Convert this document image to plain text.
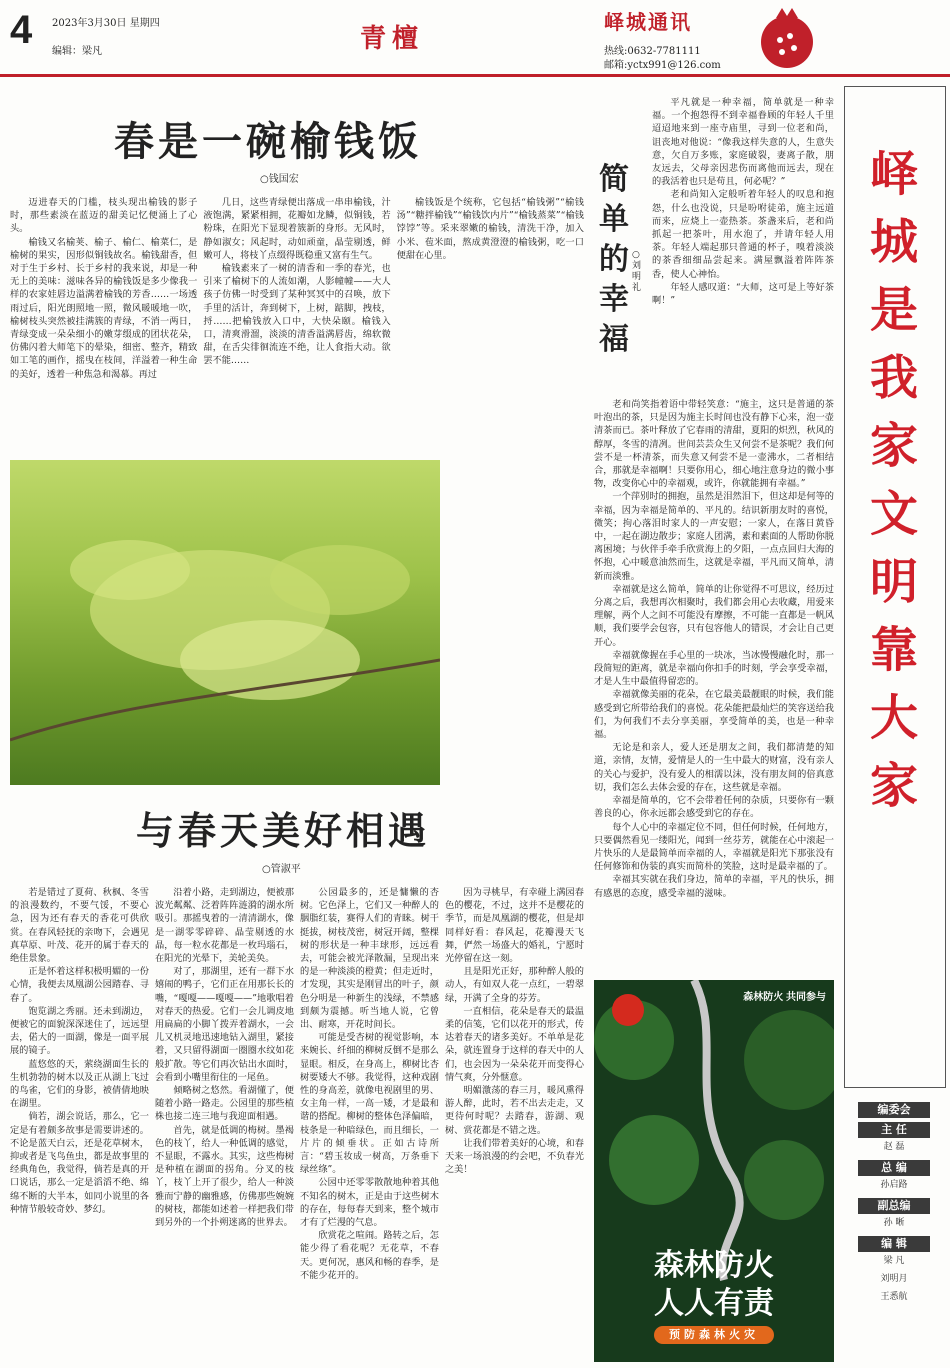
4 2023年3月30日 星期四
编辑：梁凡	青檀
峄城通讯
热线:0632-7781111
邮箱:yctx991@126.com
春是一碗榆钱饭
○钱国宏

迈进春天的门槛，枝头现出榆钱的影子时，那些素淡在蓝迈的甜美记忆便涌上了心头。

榆钱又名榆荚、榆子、榆仁、榆菜仁，是榆树的果实，因形似铜钱故名。榆钱甜香，但对于生于乡村、长于乡村的我来说，却是一种无上的美味：滋味各异的榆钱饭是多少像我一样的农家娃唇边溢满着榆钱的芳香……一场透雨过后，阳光朗照地一照，微风暖暖地一吹，榆树枝头突然被挂满簇的青绿，不消一两日，青绿变成一朵朵细小的嫩芽缀成的团状花朵，仿佛闪着大师笔下的晕染，细密、整齐，精致如工笔的画作，摇曳在枝间，洋溢着一种生命的美好，透着一种焦急和渴慕。再过

几日，这些青绿便出落成一串串榆钱，汁液饱满，紧紧相拥，花瓣如龙鳞，似铜钱，若粉珠，在阳光下显现着簇新的身形。无风时，静如淑女；风起时，动如顽童，晶莹剔透，鲜嫩可人，将枝丫点缀得既稳重又富有生气。

榆钱素来了一树的清香和一季的春光，也引来了榆树下的人流如潮，人影幢幢——大人孩子仿佛一时受到了某种冥冥中的召唤，放下手里的活计，奔到树下，上树，踮脚，拽枝，捋……把榆钱放入口中，大快朵颐。榆钱入口，清爽滑溜，淡淡的清香溢满唇齿，绵软微甜，在舌尖徘徊流连不绝，让人食指大动。欲罢不能……

榆钱饭是个统称，它包括“榆钱粥”“榆钱汤”“糖拌榆钱”“榆钱饮内片”“榆钱蒸菜”“榆钱饽饽”等。采来翠嫩的榆钱，清洗干净，加入小米、苞米面，熬成黄澄澄的榆钱粥，吃一口便甜在心里。

与春天美好相遇
○管淑平

若是错过了夏荷、秋枫、冬雪的浪漫数约，不要气馁，不要心急，因为还有春天的香花可供欣赏。在春风轻抚的亲吻下，会遇见真草原、叶茂、花开的属于春天的绝佳景象。

正是怀着这样积极明媚的一份心情，我便去凤凰湖公园踏春、寻春了。

饱览湖之秀丽。还未到湖边，便被它的面貌深深迷住了，远远望去，偌大的一面湖，像是一面平展展的镜子。

蓝悠悠的天，萦绕湖面生长的生机勃勃的树木以及正从湖上飞过的鸟雀，它们的身影，被倩倩地映在湖里。

倘若，湖会说话，那么，它一定是有着颇多故事是需要讲述的。不论是蓝天白云，还是花草树木，抑或者是飞鸟鱼虫，都是故事里的经典角色，我觉得，倘若是真的开口说话，那么一定是滔滔不绝、绵绵不断的大半本，如同小说里的各种情节般较奇妙、梦幻。

沿着小路，走到湖边，便被那波光粼粼、泛着阵阵涟漪的湖水所吸引。那摇曳着的一清清湖水，像是一湖零零碎碎、晶莹剔透的水晶，每一粒水花都是一枚玛瑙石，在阳光的光晕下，美轮美奂。

对了，那湖里，还有一群下水嬉闹的鸭子，它们正在用那长长的嘴，“嘎嘎——嘎嘎——”地歌唱着对春天的热爱。它们一会儿调皮地用扁扁的小脚丫拨弄着湖水，一会儿又机灵地迅速地钻入湖里，紧接着，又只留得湖面一圈圈水纹如花般扩散。等它们再次钻出水面时，会看到小嘴里衔住的一尾鱼。

倾略树之悠然。看湖懂了，便随着小路一路走。公园里的那些植株也接二连三地与我迎面相遇。

首先，就是低调的梅树。墨褐色的枝丫，给人一种低调的感觉，不显眼，不露水。其实，这些梅树是种植在湖面的拐角。分叉的枝丫，枝丫上开了很少，给人一种淡雅而宁静的幽雅感，仿佛那些婉婉的树枝，都能如述着一样把我们带到另外的一个扑朔迷离的世界去。

公园最多的，还是慵懒的杏树。它色泽上，它们又一种醉人的胭脂红装，赛得人们的青睐。树干挺拔，树枝茂密，树冠开阔，整棵树的形状是一种丰球形，远远看去，可能会被光泽散漏，呈现出来的是一种淡淡的橙黄；但走近时，才发现，其实是刚冒出的叶子，颜色分明是一种新生的浅绿，不禁感到颇为震撼。听当地人说，它曾出、耐寒，开花时间长。

可能是受杏树的视觉影响，本来婉长、纤细的柳树反倒不是那么显眼。相反，在身高上，柳树比杏树要矮大不够。我觉得，这种戏剧性的身高差，就像电视剧里的男、女主角一样，一高一矮，才是最和谐的搭配。柳树的整体色泽偏暗，枝条是一种暗绿色，而且细长，一片片的倾垂状。正如古诗所言：“碧玉妆成一树高，万条垂下绿丝绦”。

公园中还零零散散地种着其他不知名的树木，正是由于这些树木的存在，每每春天到来，整个城市才有了烂漫的气息。

欣赏花之喧闹。路转之后，怎能少得了看花呢？无花草，不春天。更何况，惠风和畅的春季，是不能少花开的。

因为寻桃早，有幸碰上满园春色的樱花，不过，这并不是樱花的季节，而是凤凰湖的樱花，但是却同样好看：春风起，花瓣漫天飞舞，俨然一场盛大的婚礼，宁愿时光停留在这一刻。

且是阳光正好，那种醉人般的动人，有如双人花一点红，一碧翠绿，开满了全身的芬芳。

一直相信，花朵是春天的最温柔的信笺，它们以花开的形式，传达着春天的诸多美好。不单单是花朵，就连置身于这样的春天中的人们，也会因为一朵朵花开而变得心情气爽，分外惬意。

明媚激荡的春三月，暖风熏得游人醉，此时，若不出去走走，又更待何时呢？去踏春，游湖、观树、赏花都是不错之选。

让我们带着美好的心境，和春天来一场浪漫的约会吧，不负春光之美！

简单的幸福
○刘明礼

平凡就是一种幸福，简单就是一种幸福。一个抱怨得不到幸福眷顾的年轻人千里迢迢地来到一座寺庙里，寻到一位老和尚，诅丧地对他说：“像我这样失意的人，生意失意，欠自万多账，家庭破裂，妻离子散，朋友远去，父母亲因悲伤而离他而远去，现在的我活着也只是苟且，何必呢？”

老和尚知入定般听着年轻人的叹息和抱怨，什么也没说，只是吩咐徒弟，施主远道而来，应烧上一壶热茶。茶盏来后，老和尚抓起一把茶叶，用水泡了，并请年轻人用茶。年轻人端起那只普通的杯子，嗅着淡淡的茶香细细品尝起来。满屋飘溢着阵阵茶香，使人心神怡。

年轻人感叹道：“大师，这可是上等好茶啊！”

老和尚笑指着语中带轻笑意：“施主，这只是普通的茶叶泡出的茶，只是因为施主长时间也没有静下心来，泡一壶清茶而已。茶叶释放了它春雨的清甜，夏阳的炽烈，秋风的醇厚，冬雪的清冽。世间芸芸众生又何尝不是茶呢？我们何尝不是一杯清茶，而失意又何尝不是一壶沸水，二者相结合，那就是幸福啊！只要你用心，细心地注意身边的微小事物，改变你心中的幸福观，或许，你就能拥有幸福。”

一个萍别时的拥抱，虽然是泪然泪下，但这却是何等的幸福，因为幸福是简单的、平凡的。结识新朋友时的喜悦，微笑；拘心落泪时家人的一声安慰；一家人，在落日黄昏中，一起在湖边散步；家庭人团满，素和素面的人帮助你脱离困境；与伙伴手牵手欣赏海上的夕阳，一点点回归大海的怀抱，心中暖意油然而生，这就是幸福，平凡而又简单，清新而淡雅。

幸福就是这么简单，简单的让你觉得不可思议，经历过分离之后，我想再次相聚时，我们都会用心去收藏，用爱来理解，两个人之间不可能没有摩擦，不可能一直都是一帆风顺，我们要学会包容，只有包容他人的错误，才会让自己更开心。

幸福就像握在手心里的一块冰，当冰慢慢融化时，那一段简短的距离，就是幸福向你扣手的时刻，学会享受幸福，才是人生中最值得留恋的。

幸福就像美丽的花朵，在它最美最靓眼的时候，我们能感受到它所带给我们的喜悦。花朵能把最灿烂的笑容送给我们，为何我们不去分享美丽，享受简单的美，也是一种幸福。

无论是和亲人，爱人还是朋友之间，我们都清楚的知道，亲情，友情，爱情是人的一生中最大的财富，没有亲人的关心与爱护，没有爱人的相濡以沫，没有朋友间的倍真意切，我们怎么去体会爱的存在，这些就是幸福。

幸福是简单的，它不会带着任何的杂质，只要你有一颗善良的心，你永远都会感受到它的存在。

每个人心中的幸福定位不同，但任何时候，任何地方，只要偶然看见一缕阳光，闻到一丝芬芳，就能在心中滚起一片快乐的人是最简单而幸福的人，幸福就是阳光下那张没有任何修饰和伪装的真实而简朴的笑脸，这时是最幸福的了。

幸福其实就在我们身边，简单的幸福，平凡的快乐，拥有感恩的态度，感受幸福的滋味。

峄城是我家文明靠大家
森林防火 共同参与
森林防火
人人有责
预防森林火灾
编委会
主 任
赵 磊
总 编
孙启路
副总编
孙 晰
编 辑
梁 凡
刘明月
王悉航
